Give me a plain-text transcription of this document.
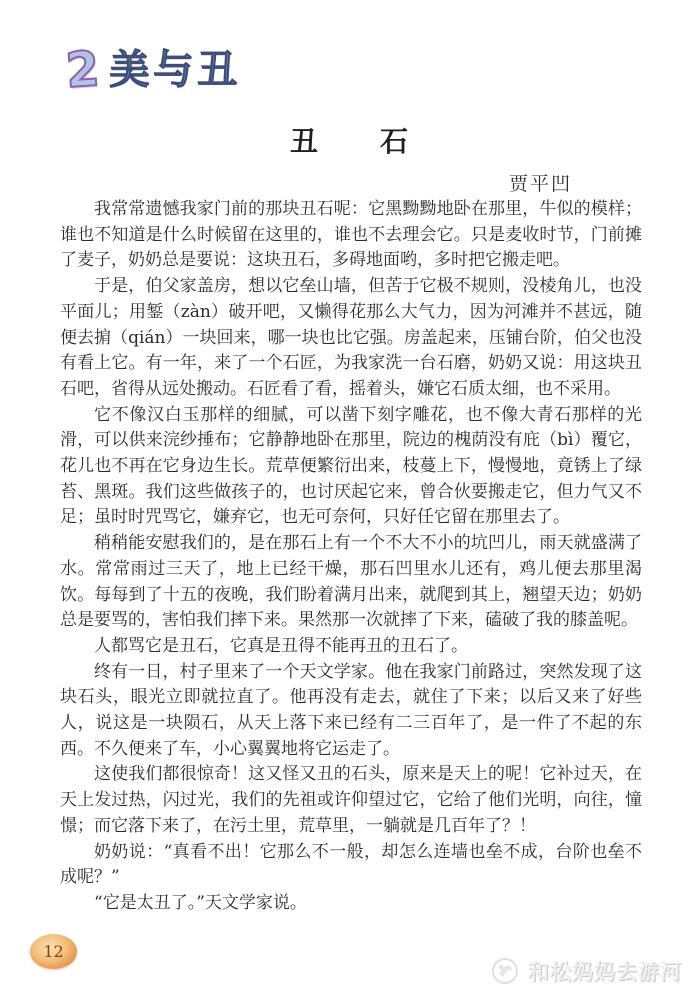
2 美与丑
丑　　石
贾平凹

我常常遗憾我家门前的那块丑石呢：它黑黝黝地卧在那里，牛似的模样；谁也不知道是什么时候留在这里的，谁也不去理会它。只是麦收时节，门前摊了麦子，奶奶总是要说：这块丑石，多碍地面哟，多时把它搬走吧。

于是，伯父家盖房，想以它垒山墙，但苦于它极不规则，没棱角儿，也没平面儿；用錾（zàn）破开吧，又懒得花那么大气力，因为河滩并不甚远，随便去掮（qián）一块回来，哪一块也比它强。房盖起来，压铺台阶，伯父也没有看上它。有一年，来了一个石匠，为我家洗一台石磨，奶奶又说：用这块丑石吧，省得从远处搬动。石匠看了看，摇着头，嫌它石质太细，也不采用。

它不像汉白玉那样的细腻，可以凿下刻字雕花，也不像大青石那样的光滑，可以供来浣纱捶布；它静静地卧在那里，院边的槐荫没有庇（bì）覆它，花儿也不再在它身边生长。荒草便繁衍出来，枝蔓上下，慢慢地，竟锈上了绿苔、黑斑。我们这些做孩子的，也讨厌起它来，曾合伙要搬走它，但力气又不足；虽时时咒骂它，嫌弃它，也无可奈何，只好任它留在那里去了。

稍稍能安慰我们的，是在那石上有一个不大不小的坑凹儿，雨天就盛满了水。常常雨过三天了，地上已经干燥，那石凹里水儿还有，鸡儿便去那里渴饮。每每到了十五的夜晚，我们盼着满月出来，就爬到其上，翘望天边；奶奶总是要骂的，害怕我们摔下来。果然那一次就摔了下来，磕破了我的膝盖呢。

人都骂它是丑石，它真是丑得不能再丑的丑石了。

终有一日，村子里来了一个天文学家。他在我家门前路过，突然发现了这块石头，眼光立即就拉直了。他再没有走去，就住了下来；以后又来了好些人，说这是一块陨石，从天上落下来已经有二三百年了，是一件了不起的东西。不久便来了车，小心翼翼地将它运走了。

这使我们都很惊奇！这又怪又丑的石头，原来是天上的呢！它补过天，在天上发过热，闪过光，我们的先祖或许仰望过它，它给了他们光明，向往，憧憬；而它落下来了，在污土里，荒草里，一躺就是几百年了？！

奶奶说：“真看不出！它那么不一般，却怎么连墙也垒不成，台阶也垒不成呢？”

“它是太丑了。”天文学家说。

12
和松妈妈去游河
